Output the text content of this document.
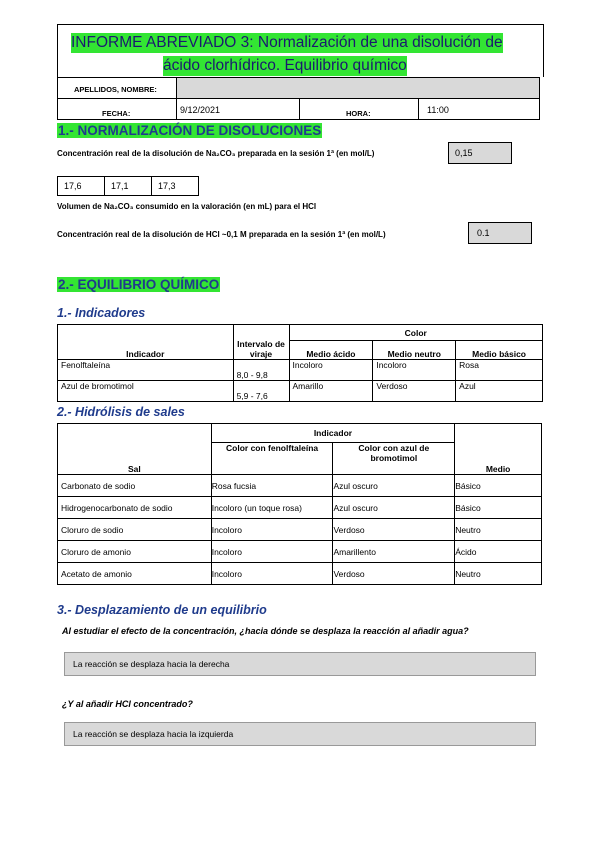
INFORME ABREVIADO 3: Normalización de una disolución de
ácido clorhídrico. Equilibrio químico
APELLIDOS, NOMBRE:
FECHA:	9/12/2021	HORA:	11:00
1.- NORMALIZACIÓN DE DISOLUCIONES
Concentración real de la disolución de Na₂CO₃ preparada en la sesión 1ª (en mol/L)	0,15
17,6	17,1	17,3
Volumen de Na₂CO₃ consumido en la valoración (en mL) para el HCl
Concentración real de la disolución de HCl ~0,1 M preparada en la sesión 1ª (en mol/L)	0.1
2.- EQUILIBRIO QUÍMICO
1.- Indicadores
Indicador	Intervalo de viraje	Color		
		Medio ácido	Medio neutro	Medio básico
Fenolftaleína	8,0 - 9,8	Incoloro	Incoloro	Rosa
Azul de bromotimol	5,9 - 7,6	Amarillo	Verdoso	Azul
2.- Hidrólisis de sales
Sal	Indicador		Medio
	Color con fenolftaleína	Color con azul de bromotimol	
Carbonato de sodio	Rosa fucsia	Azul oscuro	Básico
Hidrogenocarbonato de sodio	Incoloro (un toque rosa)	Azul oscuro	Básico
Cloruro de sodio	Incoloro	Verdoso	Neutro
Cloruro de amonio	Incoloro	Amarillento	Ácido
Acetato de amonio	Incoloro	Verdoso	Neutro
3.- Desplazamiento de un equilibrio
Al estudiar el efecto de la concentración, ¿hacia dónde se desplaza la reacción al añadir agua?
La reacción se desplaza hacia la derecha
¿Y al añadir HCl concentrado?
La reacción se desplaza hacia la izquierda
